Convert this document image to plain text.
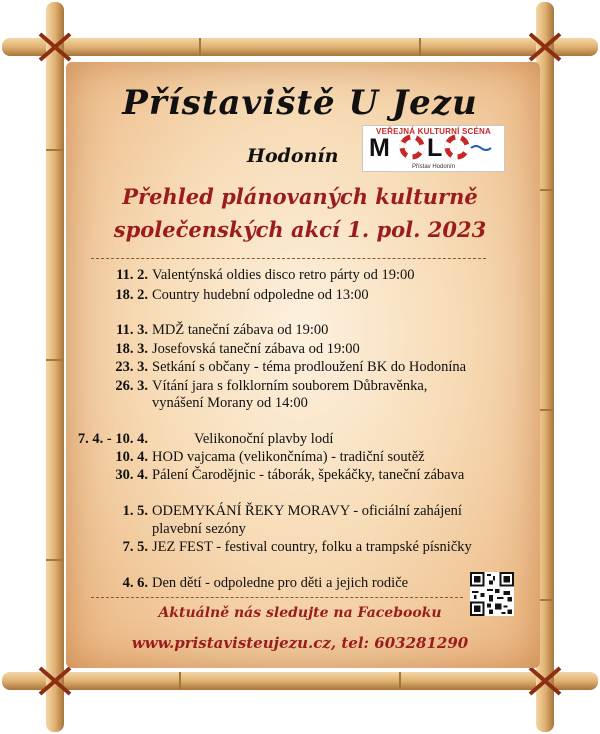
Přístaviště U Jezu
Hodonín
VEŘEJNÁ KULTURNÍ SCÉNA
M L
Přístav Hodonín
Přehled plánovaných kulturně
společenských akcí 1. pol. 2023
11. 2. Valentýnská oldies disco retro párty od 19:00
18. 2. Country hudební odpoledne od 13:00
11. 3. MDŽ taneční zábava od 19:00
18. 3. Josefovská taneční zábava od 19:00
23. 3. Setkání s občany - téma prodloužení BK do Hodonína
26. 3. Vítání jara s folklorním souborem Důbravěnka,
vynášení Morany od 14:00
7. 4. - 10. 4.	Velikonoční plavby lodí
10. 4. HOD vajcama (velikončníma) - tradiční soutěž
30. 4. Pálení Čarodějnic - táborák, špekáčky, taneční zábava
1. 5. ODEMYKÁNÍ ŘEKY MORAVY - oficiální zahájení
plavební sezóny
7. 5. JEZ FEST - festival country, folku a trampské písničky
4. 6. Den dětí - odpoledne pro děti a jejich rodiče
Aktuálně nás sledujte na Facebooku
www.pristavisteujezu.cz, tel: 603281290
